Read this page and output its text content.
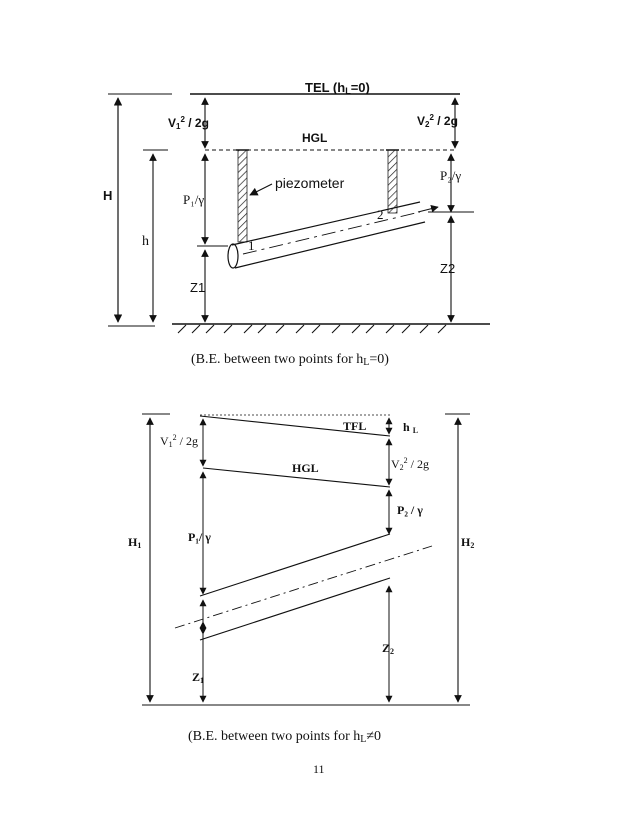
TEL (hL=0)
H
$V1^2 / 2g$	$V2^2 / 2g$
HGL
h
piezometer
P₁/γ
P₂/γ
1
2
Z1
Z2
TFL	h L
H1	H2
$V1^2 / 2g$
HGL	$V2^2 / 2g$
P₁/ γ
P₂ / γ
Z1
Z2
(B.E. between two points for hL=0)
(B.E. between two points for hL≠0
11
